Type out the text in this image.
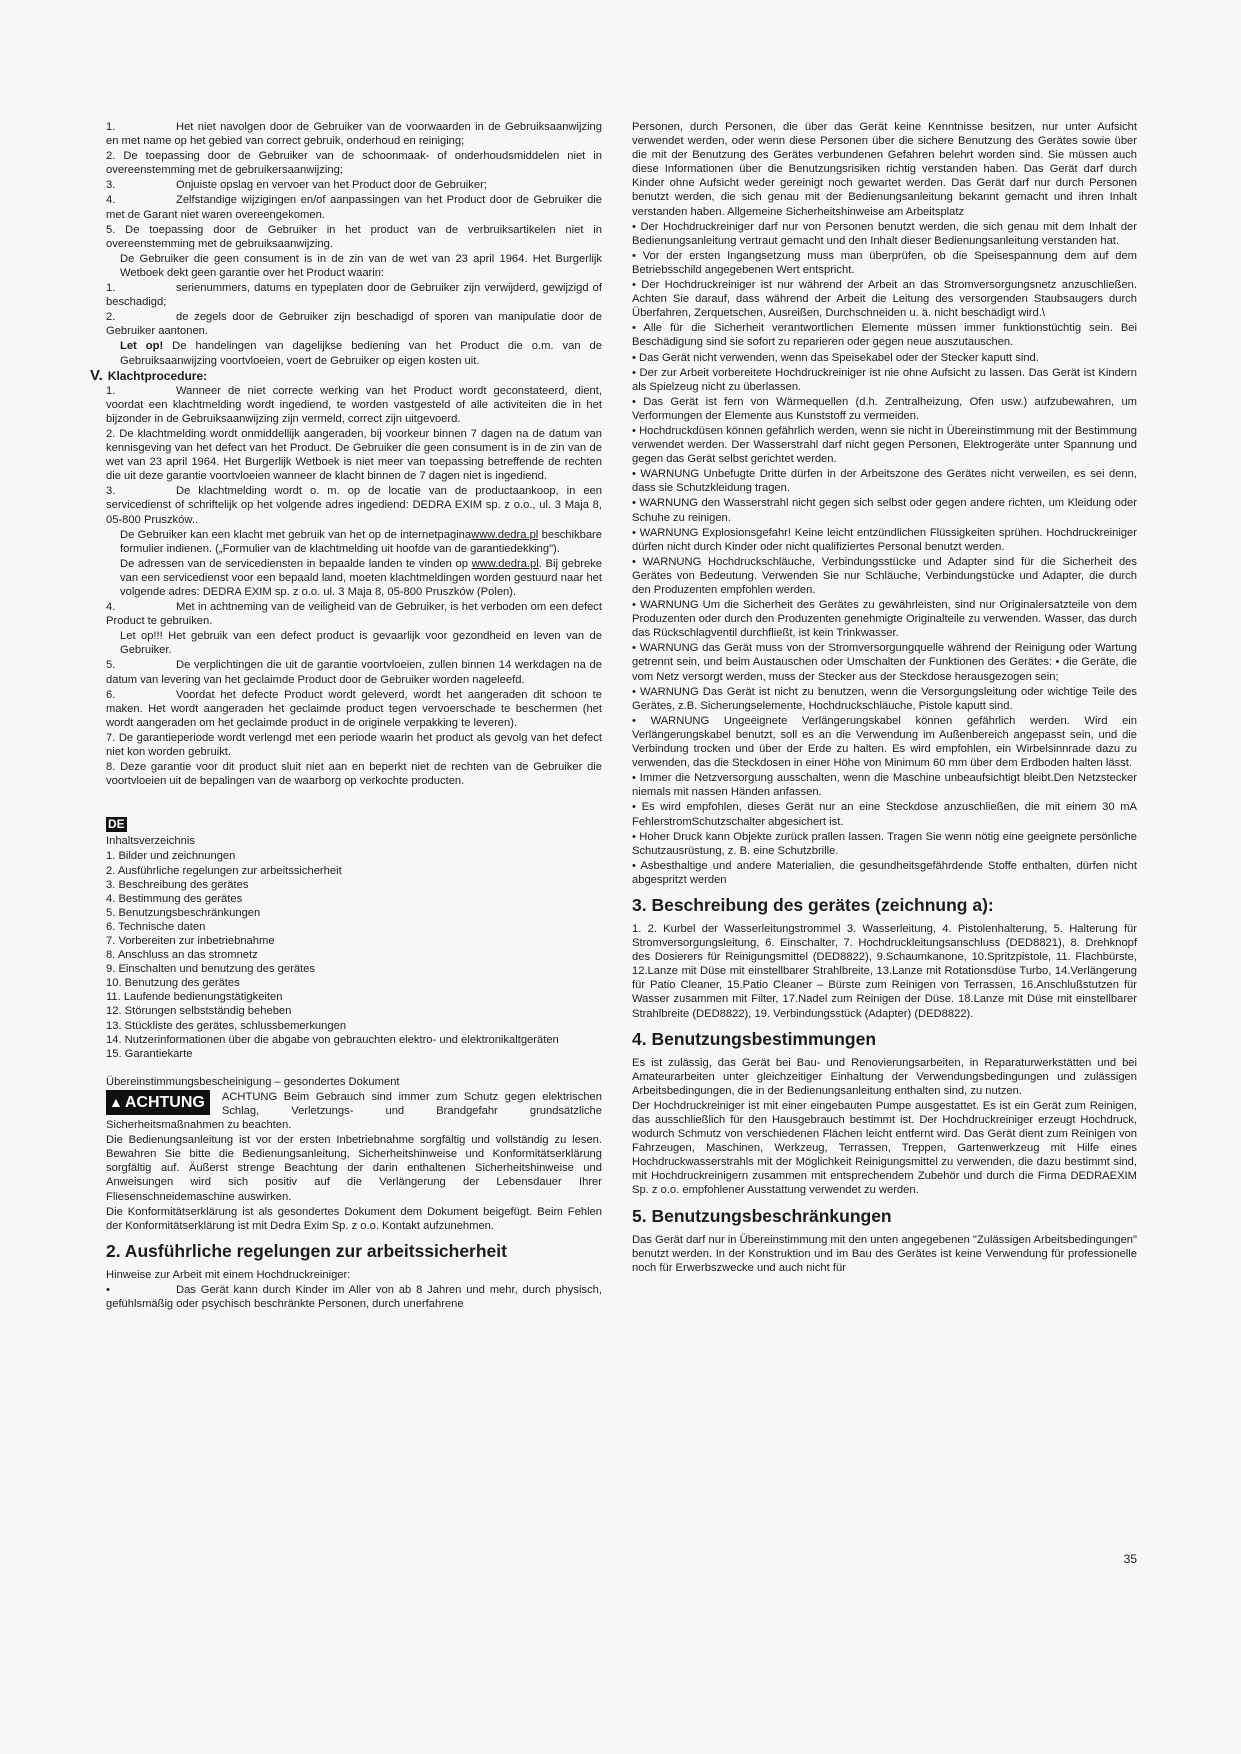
1.	Het niet navolgen door de Gebruiker van de voorwaarden in de Gebruiksaanwijzing en met name op het gebied van correct gebruik, onderhoud en reiniging;

2. De toepassing door de Gebruiker van de schoonmaak- of onderhoudsmiddelen niet in overeenstemming met de gebruikersaanwijzing;

3.	Onjuiste opslag en vervoer van het Product door de Gebruiker;

4.	Zelfstandige wijzigingen en/of aanpassingen van het Product door de Gebruiker die met de Garant niet waren overeengekomen.

5. De toepassing door de Gebruiker in het product van de verbruiksartikelen niet in overeenstemming met de gebruiksaanwijzing.

De Gebruiker die geen consument is in de zin van de wet van 23 april 1964. Het Burgerlijk Wetboek dekt geen garantie over het Product waarin:

1.	serienummers, datums en typeplaten door de Gebruiker zijn verwijderd, gewijzigd of beschadigd;

2.	de zegels door de Gebruiker zijn beschadigd of sporen van manipulatie door de Gebruiker aantonen.

Let op! De handelingen van dagelijkse bediening van het Product die o.m. van de Gebruiksaanwijzing voortvloeien, voert de Gebruiker op eigen kosten uit.

V. Klachtprocedure:

1.	Wanneer de niet correcte werking van het Product wordt geconstateerd, dient, voordat een klachtmelding wordt ingediend, te worden vastgesteld of alle activiteiten die in het bijzonder in de Gebruiksaanwijzing zijn vermeld, correct zijn uitgevoerd.

2. De klachtmelding wordt onmiddellijk aangeraden, bij voorkeur binnen 7 dagen na de datum van kennisgeving van het defect van het Product. De Gebruiker die geen consument is in de zin van de wet van 23 april 1964. Het Burgerlijk Wetboek is niet meer van toepassing betreffende de rechten die uit deze garantie voortvloeien wanneer de klacht binnen de 7 dagen niet is ingediend.

3.	De klachtmelding wordt o. m. op de locatie van de productaankoop, in een servicedienst of schriftelijk op het volgende adres ingediend: DEDRA EXIM sp. z o.o., ul. 3 Maja 8, 05-800 Pruszków..

De Gebruiker kan een klacht met gebruik van het op de internetpaginawww.dedra.pl beschikbare formulier indienen. („Formulier van de klachtmelding uit hoofde van de garantiedekking").

De adressen van de servicediensten in bepaalde landen te vinden op www.dedra.pl. Bij gebreke van een servicedienst voor een bepaald land, moeten klachtmeldingen worden gestuurd naar het volgende adres: DEDRA EXIM sp. z o.o. ul. 3 Maja 8, 05-800 Pruszków (Polen).

4.	Met in achtneming van de veiligheid van de Gebruiker, is het verboden om een defect Product te gebruiken.

Let op!!! Het gebruik van een defect product is gevaarlijk voor gezondheid en leven van de Gebruiker.

5.	De verplichtingen die uit de garantie voortvloeien, zullen binnen 14 werkdagen na de datum van levering van het geclaimde Product door de Gebruiker worden nageleefd.

6.	Voordat het defecte Product wordt geleverd, wordt het aangeraden dit schoon te maken. Het wordt aangeraden het geclaimde product tegen vervoerschade te beschermen (het wordt aangeraden om het geclaimde product in de originele verpakking te leveren).

7. De garantieperiode wordt verlengd met een periode waarin het product als gevolg van het defect niet kon worden gebruikt.

8. Deze garantie voor dit product sluit niet aan en beperkt niet de rechten van de Gebruiker die voortvloeien uit de bepalingen van de waarborg op verkochte producten.

DE

Inhaltsverzeichnis

1. Bilder und zeichnungen
2. Ausführliche regelungen zur arbeitssicherheit
3. Beschreibung des gerätes
4. Bestimmung des gerätes
5. Benutzungsbeschränkungen
6. Technische daten
7. Vorbereiten zur inbetriebnahme
8. Anschluss an das stromnetz
9. Einschalten und benutzung des gerätes
10. Benutzung des gerätes
11. Laufende bedienungstätigkeiten
12. Störungen selbstständig beheben
13. Stückliste des gerätes, schlussbemerkungen
14. Nutzerinformationen über die abgabe von gebrauchten elektro- und elektronikaltgeräten
15. Garantiekarte

Übereinstimmungsbescheinigung – gesondertes Dokument

▲ ACHTUNG	ACHTUNG Beim Gebrauch sind immer zum Schutz gegen elektrischen Schlag, Verletzungs- und Brandgefahr grundsätzliche Sicherheitsmaßnahmen zu beachten.

Die Bedienungsanleitung ist vor der ersten Inbetriebnahme sorgfältig und vollständig zu lesen. Bewahren Sie bitte die Bedienungsanleitung, Sicherheitshinweise und Konformitätserklärung sorgfältig auf. Äußerst strenge Beachtung der darin enthaltenen Sicherheitshinweise und Anweisungen wird sich positiv auf die Verlängerung der Lebensdauer Ihrer Fliesenschneidemaschine auswirken.

Die Konformitätserklärung ist als gesondertes Dokument dem Dokument beigefügt. Beim Fehlen der Konformitätserklärung ist mit Dedra Exim Sp. z o.o. Kontakt aufzunehmen.

2. Ausführliche regelungen zur arbeitssicherheit

Hinweise zur Arbeit mit einem Hochdruckreiniger:

•	Das Gerät kann durch Kinder im Aller von ab 8 Jahren und mehr, durch physisch, gefühlsmäßig oder psychisch beschränkte Personen, durch unerfahrene

Personen, durch Personen, die über das Gerät keine Kenntnisse besitzen, nur unter Aufsicht verwendet werden, oder wenn diese Personen über die sichere Benutzung des Gerätes sowie über die mit der Benutzung des Gerätes verbundenen Gefahren belehrt worden sind. Sie müssen auch diese Informationen über die Benutzungsrisiken richtig verstanden haben. Das Gerät darf durch Kinder ohne Aufsicht weder gereinigt noch gewartet werden. Das Gerät darf nur durch Personen benutzt werden, die sich genau mit der Bedienungsanleitung bekannt gemacht und ihren Inhalt verstanden haben. Allgemeine Sicherheitshinweise am Arbeitsplatz

• Der Hochdruckreiniger darf nur von Personen benutzt werden, die sich genau mit dem Inhalt der Bedienungsanleitung vertraut gemacht und den Inhalt dieser Bedienungsanleitung verstanden hat.

• Vor der ersten Ingangsetzung muss man überprüfen, ob die Speisespannung dem auf dem Betriebsschild angegebenen Wert entspricht.

• Der Hochdruckreiniger ist nur während der Arbeit an das Stromversorgungsnetz anzuschließen. Achten Sie darauf, dass während der Arbeit die Leitung des versorgenden Staubsaugers durch Überfahren, Zerquetschen, Ausreißen, Durchschneiden u. ä. nicht beschädigt wird.\

• Alle für die Sicherheit verantwortlichen Elemente müssen immer funktionstüchtig sein. Bei Beschädigung sind sie sofort zu reparieren oder gegen neue auszutauschen.

• Das Gerät nicht verwenden, wenn das Speisekabel oder der Stecker kaputt sind.

• Der zur Arbeit vorbereitete Hochdruckreiniger ist nie ohne Aufsicht zu lassen. Das Gerät ist Kindern als Spielzeug nicht zu überlassen.

• Das Gerät ist fern von Wärmequellen (d.h. Zentralheizung, Ofen usw.) aufzubewahren, um Verformungen der Elemente aus Kunststoff zu vermeiden.

• Hochdruckdüsen können gefährlich werden, wenn sie nicht in Übereinstimmung mit der Bestimmung verwendet werden. Der Wasserstrahl darf nicht gegen Personen, Elektrogeräte unter Spannung und gegen das Gerät selbst gerichtet werden.

• WARNUNG Unbefugte Dritte dürfen in der Arbeitszone des Gerätes nicht verweilen, es sei denn, dass sie Schutzkleidung tragen.

• WARNUNG den Wasserstrahl nicht gegen sich selbst oder gegen andere richten, um Kleidung oder Schuhe zu reinigen.

• WARNUNG Explosionsgefahr! Keine leicht entzündlichen Flüssigkeiten sprühen. Hochdruckreiniger dürfen nicht durch Kinder oder nicht qualifiziertes Personal benutzt werden.

• WARNUNG Hochdruckschläuche, Verbindungsstücke und Adapter sind für die Sicherheit des Gerätes von Bedeutung. Verwenden Sie nur Schläuche, Verbindungstücke und Adapter, die durch den Produzenten empfohlen werden.

• WARNUNG Um die Sicherheit des Gerätes zu gewährleisten, sind nur Originalersatzteile von dem Produzenten oder durch den Produzenten genehmigte Originalteile zu verwenden. Wasser, das durch das Rückschlagventil durchfließt, ist kein Trinkwasser.

• WARNUNG das Gerät muss von der Stromversorgungquelle während der Reinigung oder Wartung getrennt sein, und beim Austauschen oder Umschalten der Funktionen des Gerätes: • die Geräte, die vom Netz versorgt werden, muss der Stecker aus der Steckdose herausgezogen sein;

• WARNUNG Das Gerät ist nicht zu benutzen, wenn die Versorgungsleitung oder wichtige Teile des Gerätes, z.B. Sicherungselemente, Hochdruckschläuche, Pistole kaputt sind.

• WARNUNG Ungeeignete Verlängerungskabel können gefährlich werden. Wird ein Verlängerungskabel benutzt, soll es an die Verwendung im Außenbereich angepasst sein, und die Verbindung trocken und über der Erde zu halten. Es wird empfohlen, ein Wirbelsinnrade dazu zu verwenden, das die Steckdosen in einer Höhe von Minimum 60 mm über dem Erdboden halten lässt.

• Immer die Netzversorgung ausschalten, wenn die Maschine unbeaufsichtigt bleibt.Den Netzstecker niemals mit nassen Händen anfassen.

• Es wird empfohlen, dieses Gerät nur an eine Steckdose anzuschließen, die mit einem 30 mA FehlerstromSchutzschalter abgesichert ist.

• Hoher Druck kann Objekte zurück prallen lassen. Tragen Sie wenn nötig eine geeignete persönliche Schutzausrüstung, z. B. eine Schutzbrille.

• Asbesthaltige und andere Materialien, die gesundheitsgefährdende Stoffe enthalten, dürfen nicht abgespritzt werden

3. Beschreibung des gerätes (zeichnung a):

1. 2. Kurbel der Wasserleitungstrommel 3. Wasserleitung, 4. Pistolenhalterung, 5. Halterung für Stromversorgungsleitung, 6. Einschalter, 7. Hochdruckleitungsanschluss (DED8821), 8. Drehknopf des Dosierers für Reinigungsmittel (DED8822), 9.Schaumkanone, 10.Spritzpistole, 11. Flachbürste, 12.Lanze mit Düse mit einstellbarer Strahlbreite, 13.Lanze mit Rotationsdüse Turbo, 14.Verlängerung für Patio Cleaner, 15.Patio Cleaner – Bürste zum Reinigen von Terrassen, 16.Anschlußstutzen für Wasser zusammen mit Filter, 17.Nadel zum Reinigen der Düse. 18.Lanze mit Düse mit einstellbarer Strahlbreite (DED8822), 19. Verbindungsstück (Adapter) (DED8822).

4. Benutzungsbestimmungen

Es ist zulässig, das Gerät bei Bau- und Renovierungsarbeiten, in Reparaturwerkstätten und bei Amateurarbeiten unter gleichzeitiger Einhaltung der Verwendungsbedingungen und zulässigen Arbeitsbedingungen, die in der Bedienungsanleitung enthalten sind, zu nutzen.

Der Hochdruckreiniger ist mit einer eingebauten Pumpe ausgestattet. Es ist ein Gerät zum Reinigen, das ausschließlich für den Hausgebrauch bestimmt ist. Der Hochdruckreiniger erzeugt Hochdruck, wodurch Schmutz von verschiedenen Flächen leicht entfernt wird. Das Gerät dient zum Reinigen von Fahrzeugen, Maschinen, Werkzeug, Terrassen, Treppen, Gartenwerkzeug mit Hilfe eines Hochdruckwasserstrahls mit der Möglichkeit Reinigungsmittel zu verwenden, die dazu bestimmt sind, mit Hochdruckreinigern zusammen mit entsprechendem Zubehör und durch die Firma DEDRAEXIM Sp. z o.o. empfohlener Ausstattung verwendet zu werden.

5. Benutzungsbeschränkungen

Das Gerät darf nur in Übereinstimmung mit den unten angegebenen "Zulässigen Arbeitsbedingungen" benutzt werden. In der Konstruktion und im Bau des Gerätes ist keine Verwendung für professionelle noch für Erwerbszwecke und auch nicht für

35
